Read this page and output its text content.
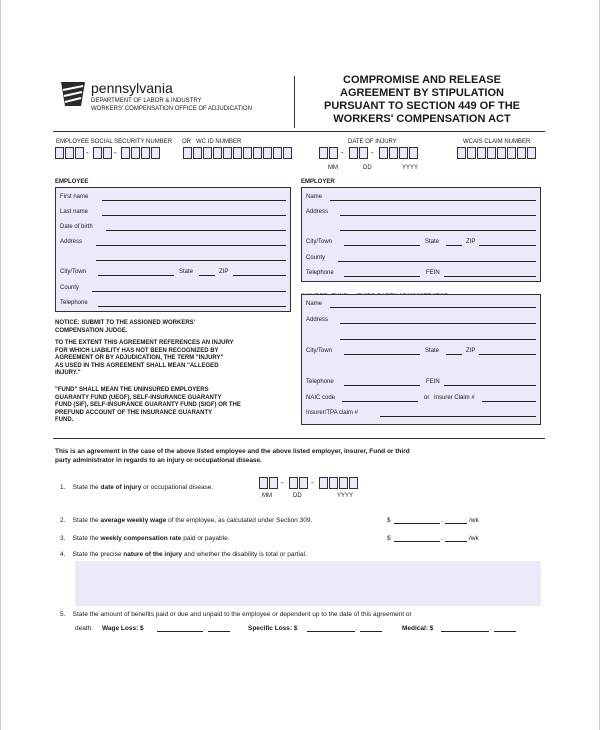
pennsylvania
DEPARTMENT OF LABOR & INDUSTRY
WORKERS' COMPENSATION OFFICE OF ADJUDICATION
COMPROMISE AND RELEASE
AGREEMENT BY STIPULATION
PURSUANT TO SECTION 449 OF THE
WORKERS' COMPENSATION ACT
EMPLOYEE SOCIAL SECURITY NUMBER OR WC ID NUMBER
-	-
DATE OF INJURY
-	-
MM	DD	YYYY
WCAIS CLAIM NUMBER
EMPLOYEE
First name
Last name
Date of birth
Address
City/Town	State	ZIP
County
Telephone
EMPLOYER
Name
Address
City/Town	State	ZIP
County
Telephone	FEIN
Name
Address
City/Town	State	ZIP
Telephone	FEIN
NAIC code	or Insurer Claim #
Insurer/TPA claim #
NOTICE: SUBMIT TO THE ASSIGNED WORKERS'
COMPENSATION JUDGE.
TO THE EXTENT THIS AGREEMENT REFERENCES AN INJURY
FOR WHICH LIABILITY HAS NOT BEEN RECOGNIZED BY
AGREEMENT OR BY ADJUDICATION, THE TERM "INJURY"
AS USED IN THIS AGREEMENT SHALL MEAN "ALLEGED
INJURY."
"FUND" SHALL MEAN THE UNINSURED EMPLOYERS
GUARANTY FUND (UEGF), SELF-INSURANCE GUARANTY
FUND (SIF), SELF-INSURANCE GUARANTY FUND (SIGF) OR THE
PREFUND ACCOUNT OF THE INSURANCE GUARANTY
FUND.
This is an agreement in the case of the above listed employee and the above listed employer, insurer, Fund or third
party administrator in regards to an injury or occupational disease.
1. State the date of injury or occupational disease.
-	-
MM	DD	YYYY
2. State the average weekly wage of the employee, as calculated under Section 309.	$	.	/wk
3. State the weekly compensation rate paid or payable.	$	.	/wk
4. State the precise nature of the injury and whether the disability is total or partial.
5. State the amount of benefits paid or due and unpaid to the employee or dependent up to the date of this agreement or
death. Wage Loss: $	.	Specific Loss: $	.	Medical: $	.
